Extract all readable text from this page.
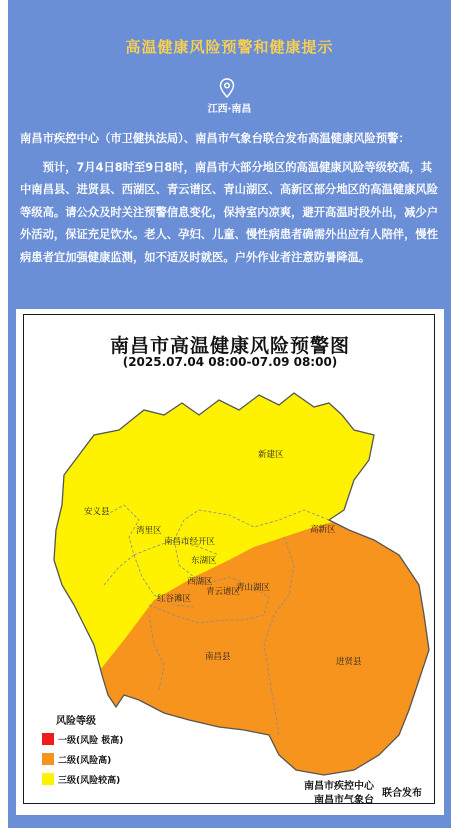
高温健康风险预警和健康提示
江西·南昌
南昌市疾控中心（市卫健执法局）、南昌市气象台联合发布高温健康风险预警：
预计，7月4日8时至9日8时，南昌市大部分地区的高温健康风险等级较高，其中南昌县、进贤县、西湖区、青云谱区、青山湖区、高新区部分地区的高温健康风险等级高。请公众及时关注预警信息变化，保持室内凉爽，避开高温时段外出，减少户外活动，保证充足饮水。老人、孕妇、儿童、慢性病患者确需外出应有人陪伴，慢性病患者宜加强健康监测，如不适及时就医。户外作业者注意防暑降温。
南昌市高温健康风险预警图
(2025.07.04 08:00-07.09 08:00)
新建区
安义县
湾里区
南昌市经开区
东湖区
高新区
西湖区
青山湖区
青云谱区
红谷滩区
南昌县	进贤县
风险等级
一级(风险 极高)
二级(风险高)
三级(风险较高)	南昌市疾控中心
南昌市气象台
联合发布
